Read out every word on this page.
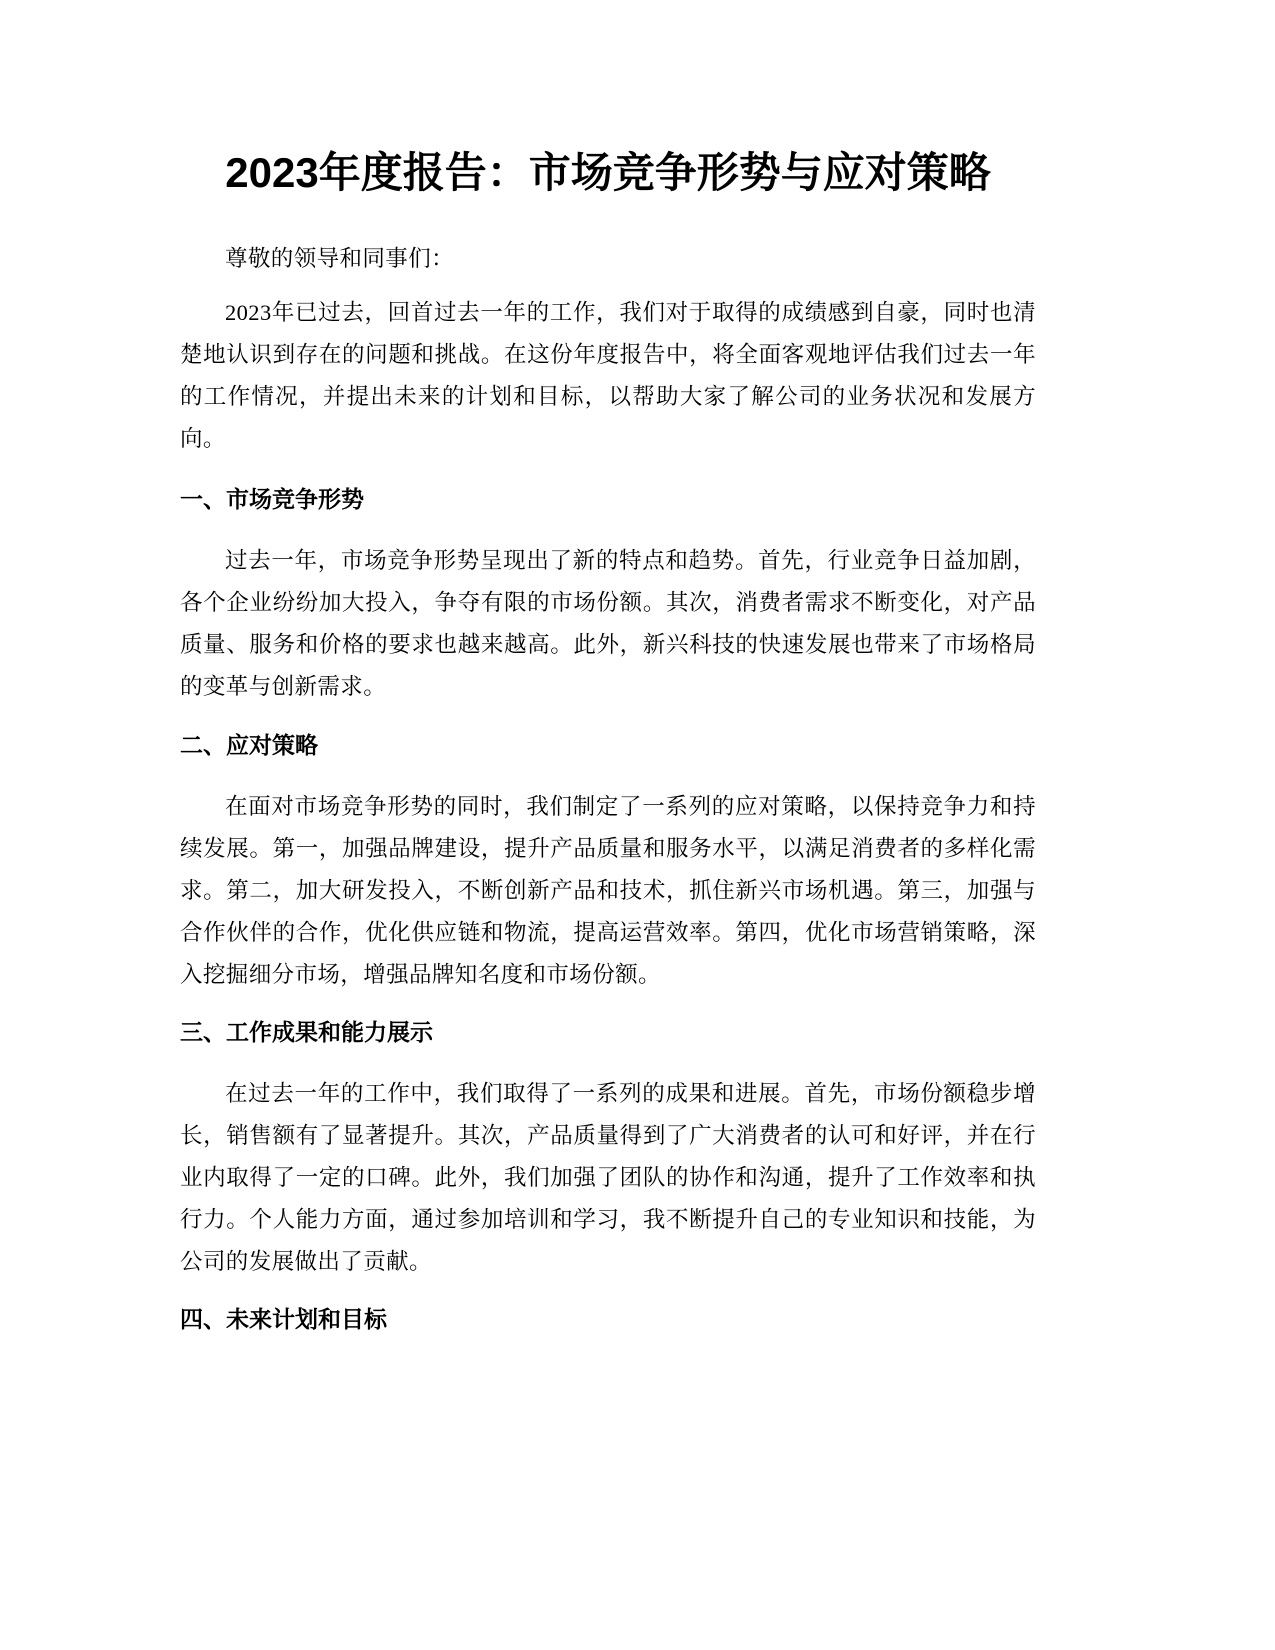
2023年度报告：市场竞争形势与应对策略

尊敬的领导和同事们：

2023年已过去，回首过去一年的工作，我们对于取得的成绩感到自豪，同时也清楚地认识到存在的问题和挑战。在这份年度报告中，将全面客观地评估我们过去一年的工作情况，并提出未来的计划和目标，以帮助大家了解公司的业务状况和发展方向。

一、市场竞争形势

过去一年，市场竞争形势呈现出了新的特点和趋势。首先，行业竞争日益加剧，各个企业纷纷加大投入，争夺有限的市场份额。其次，消费者需求不断变化，对产品质量、服务和价格的要求也越来越高。此外，新兴科技的快速发展也带来了市场格局的变革与创新需求。

二、应对策略

在面对市场竞争形势的同时，我们制定了一系列的应对策略，以保持竞争力和持续发展。第一，加强品牌建设，提升产品质量和服务水平，以满足消费者的多样化需求。第二，加大研发投入，不断创新产品和技术，抓住新兴市场机遇。第三，加强与合作伙伴的合作，优化供应链和物流，提高运营效率。第四，优化市场营销策略，深入挖掘细分市场，增强品牌知名度和市场份额。

三、工作成果和能力展示

在过去一年的工作中，我们取得了一系列的成果和进展。首先，市场份额稳步增长，销售额有了显著提升。其次，产品质量得到了广大消费者的认可和好评，并在行业内取得了一定的口碑。此外，我们加强了团队的协作和沟通，提升了工作效率和执行力。个人能力方面，通过参加培训和学习，我不断提升自己的专业知识和技能，为公司的发展做出了贡献。

四、未来计划和目标
